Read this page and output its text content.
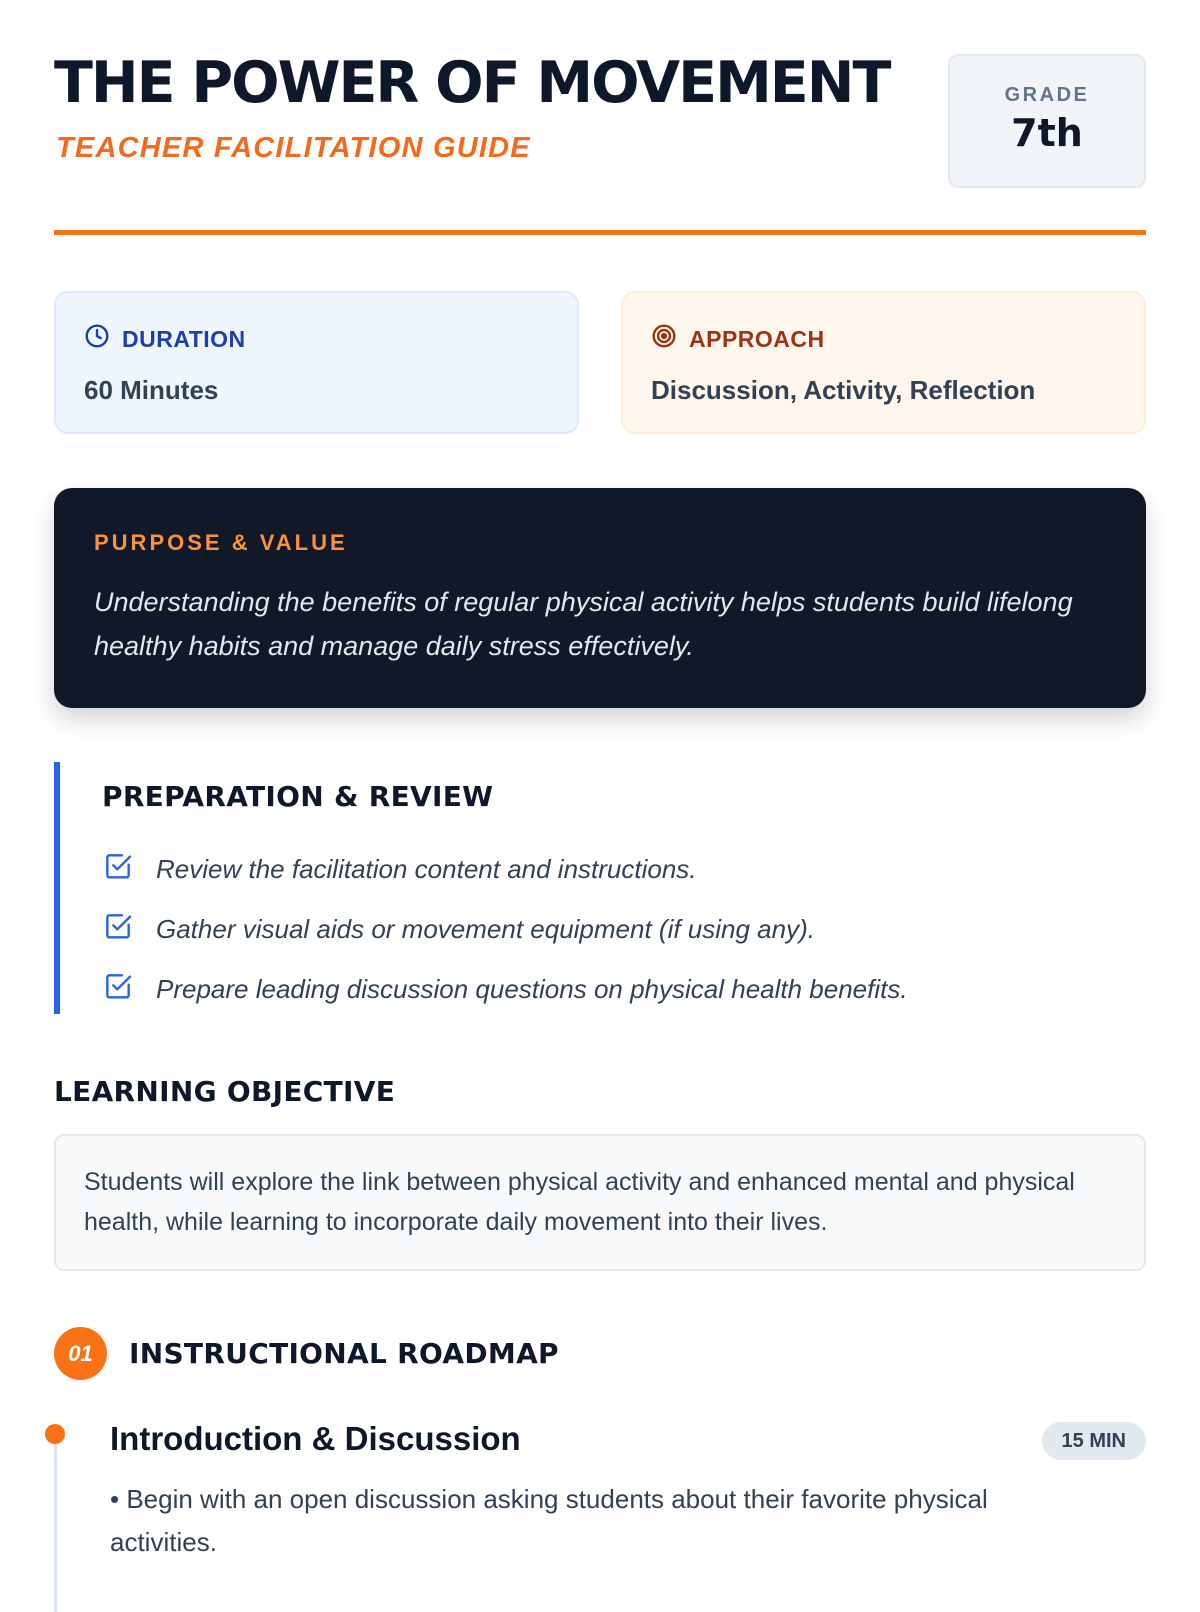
THE POWER OF MOVEMENT
TEACHER FACILITATION GUIDE
GRADE
7th
DURATION
60 Minutes
APPROACH
Discussion, Activity, Reflection
PURPOSE & VALUE
Understanding the benefits of regular physical activity helps students build lifelong healthy habits and manage daily stress effectively.
PREPARATION & REVIEW
Review the facilitation content and instructions.
Gather visual aids or movement equipment (if using any).
Prepare leading discussion questions on physical health benefits.
LEARNING OBJECTIVE
Students will explore the link between physical activity and enhanced mental and physical health, while learning to incorporate daily movement into their lives.
01	INSTRUCTIONAL ROADMAP
Introduction & Discussion	15 MIN
• Begin with an open discussion asking students about their favorite physical activities.
